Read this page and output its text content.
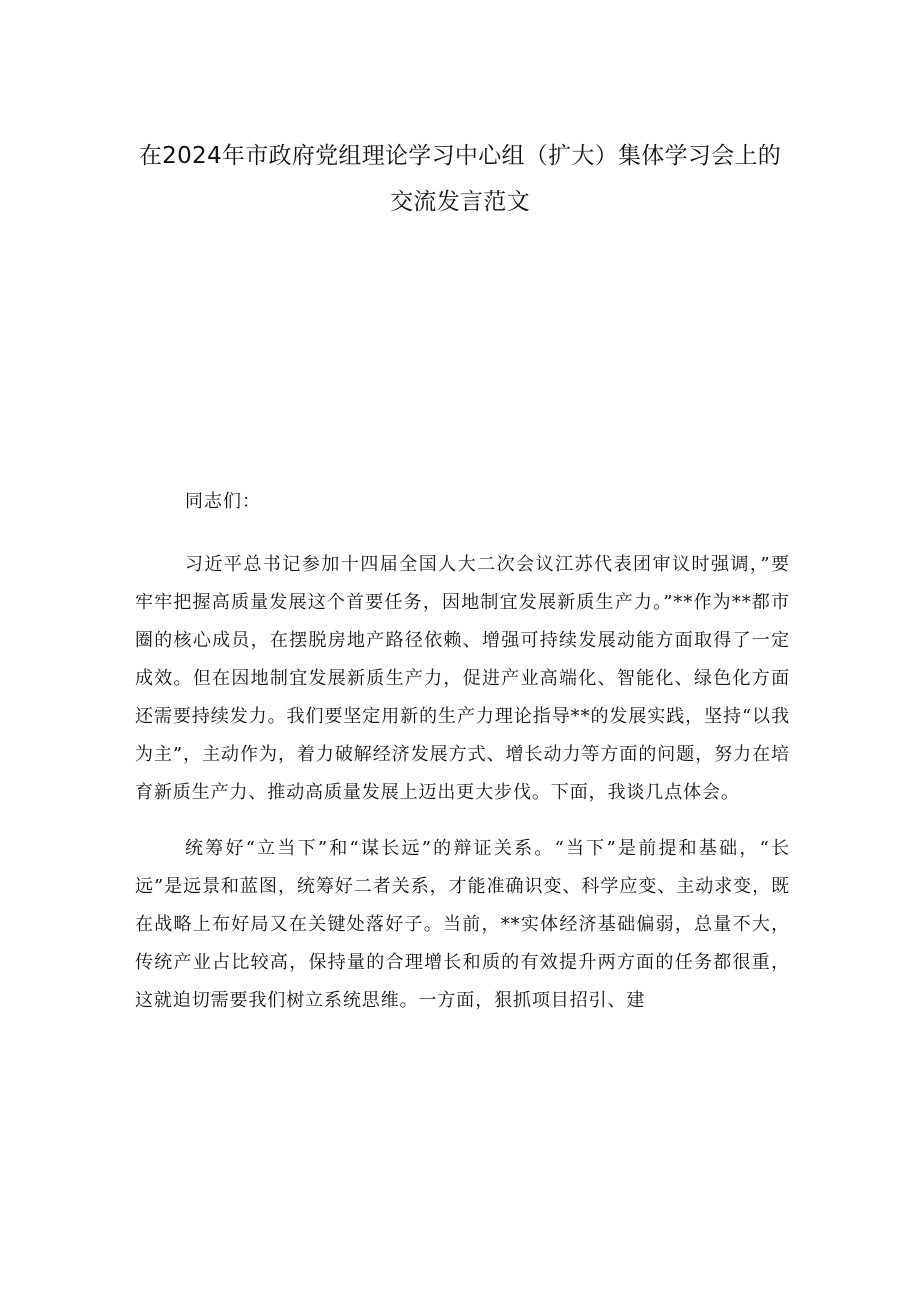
在2024年市政府党组理论学习中心组（扩大）集体学习会上的
交流发言范文

同志们：

习近平总书记参加十四届全国人大二次会议江苏代表团审议时强调，”要牢牢把握高质量发展这个首要任务，因地制宜发展新质生产力。”**作为**都市圈的核心成员，在摆脱房地产路径依赖、增强可持续发展动能方面取得了一定成效。但在因地制宜发展新质生产力，促进产业高端化、智能化、绿色化方面还需要持续发力。我们要坚定用新的生产力理论指导**的发展实践，坚持“以我为主”，主动作为，着力破解经济发展方式、增长动力等方面的问题，努力在培育新质生产力、推动高质量发展上迈出更大步伐。下面，我谈几点体会。

统筹好“立当下”和“谋长远”的辩证关系。“当下”是前提和基础，“长远”是远景和蓝图，统筹好二者关系，才能准确识变、科学应变、主动求变，既在战略上布好局又在关键处落好子。当前，**实体经济基础偏弱，总量不大，传统产业占比较高，保持量的合理增长和质的有效提升两方面的任务都很重，这就迫切需要我们树立系统思维。一方面，狠抓项目招引、建
